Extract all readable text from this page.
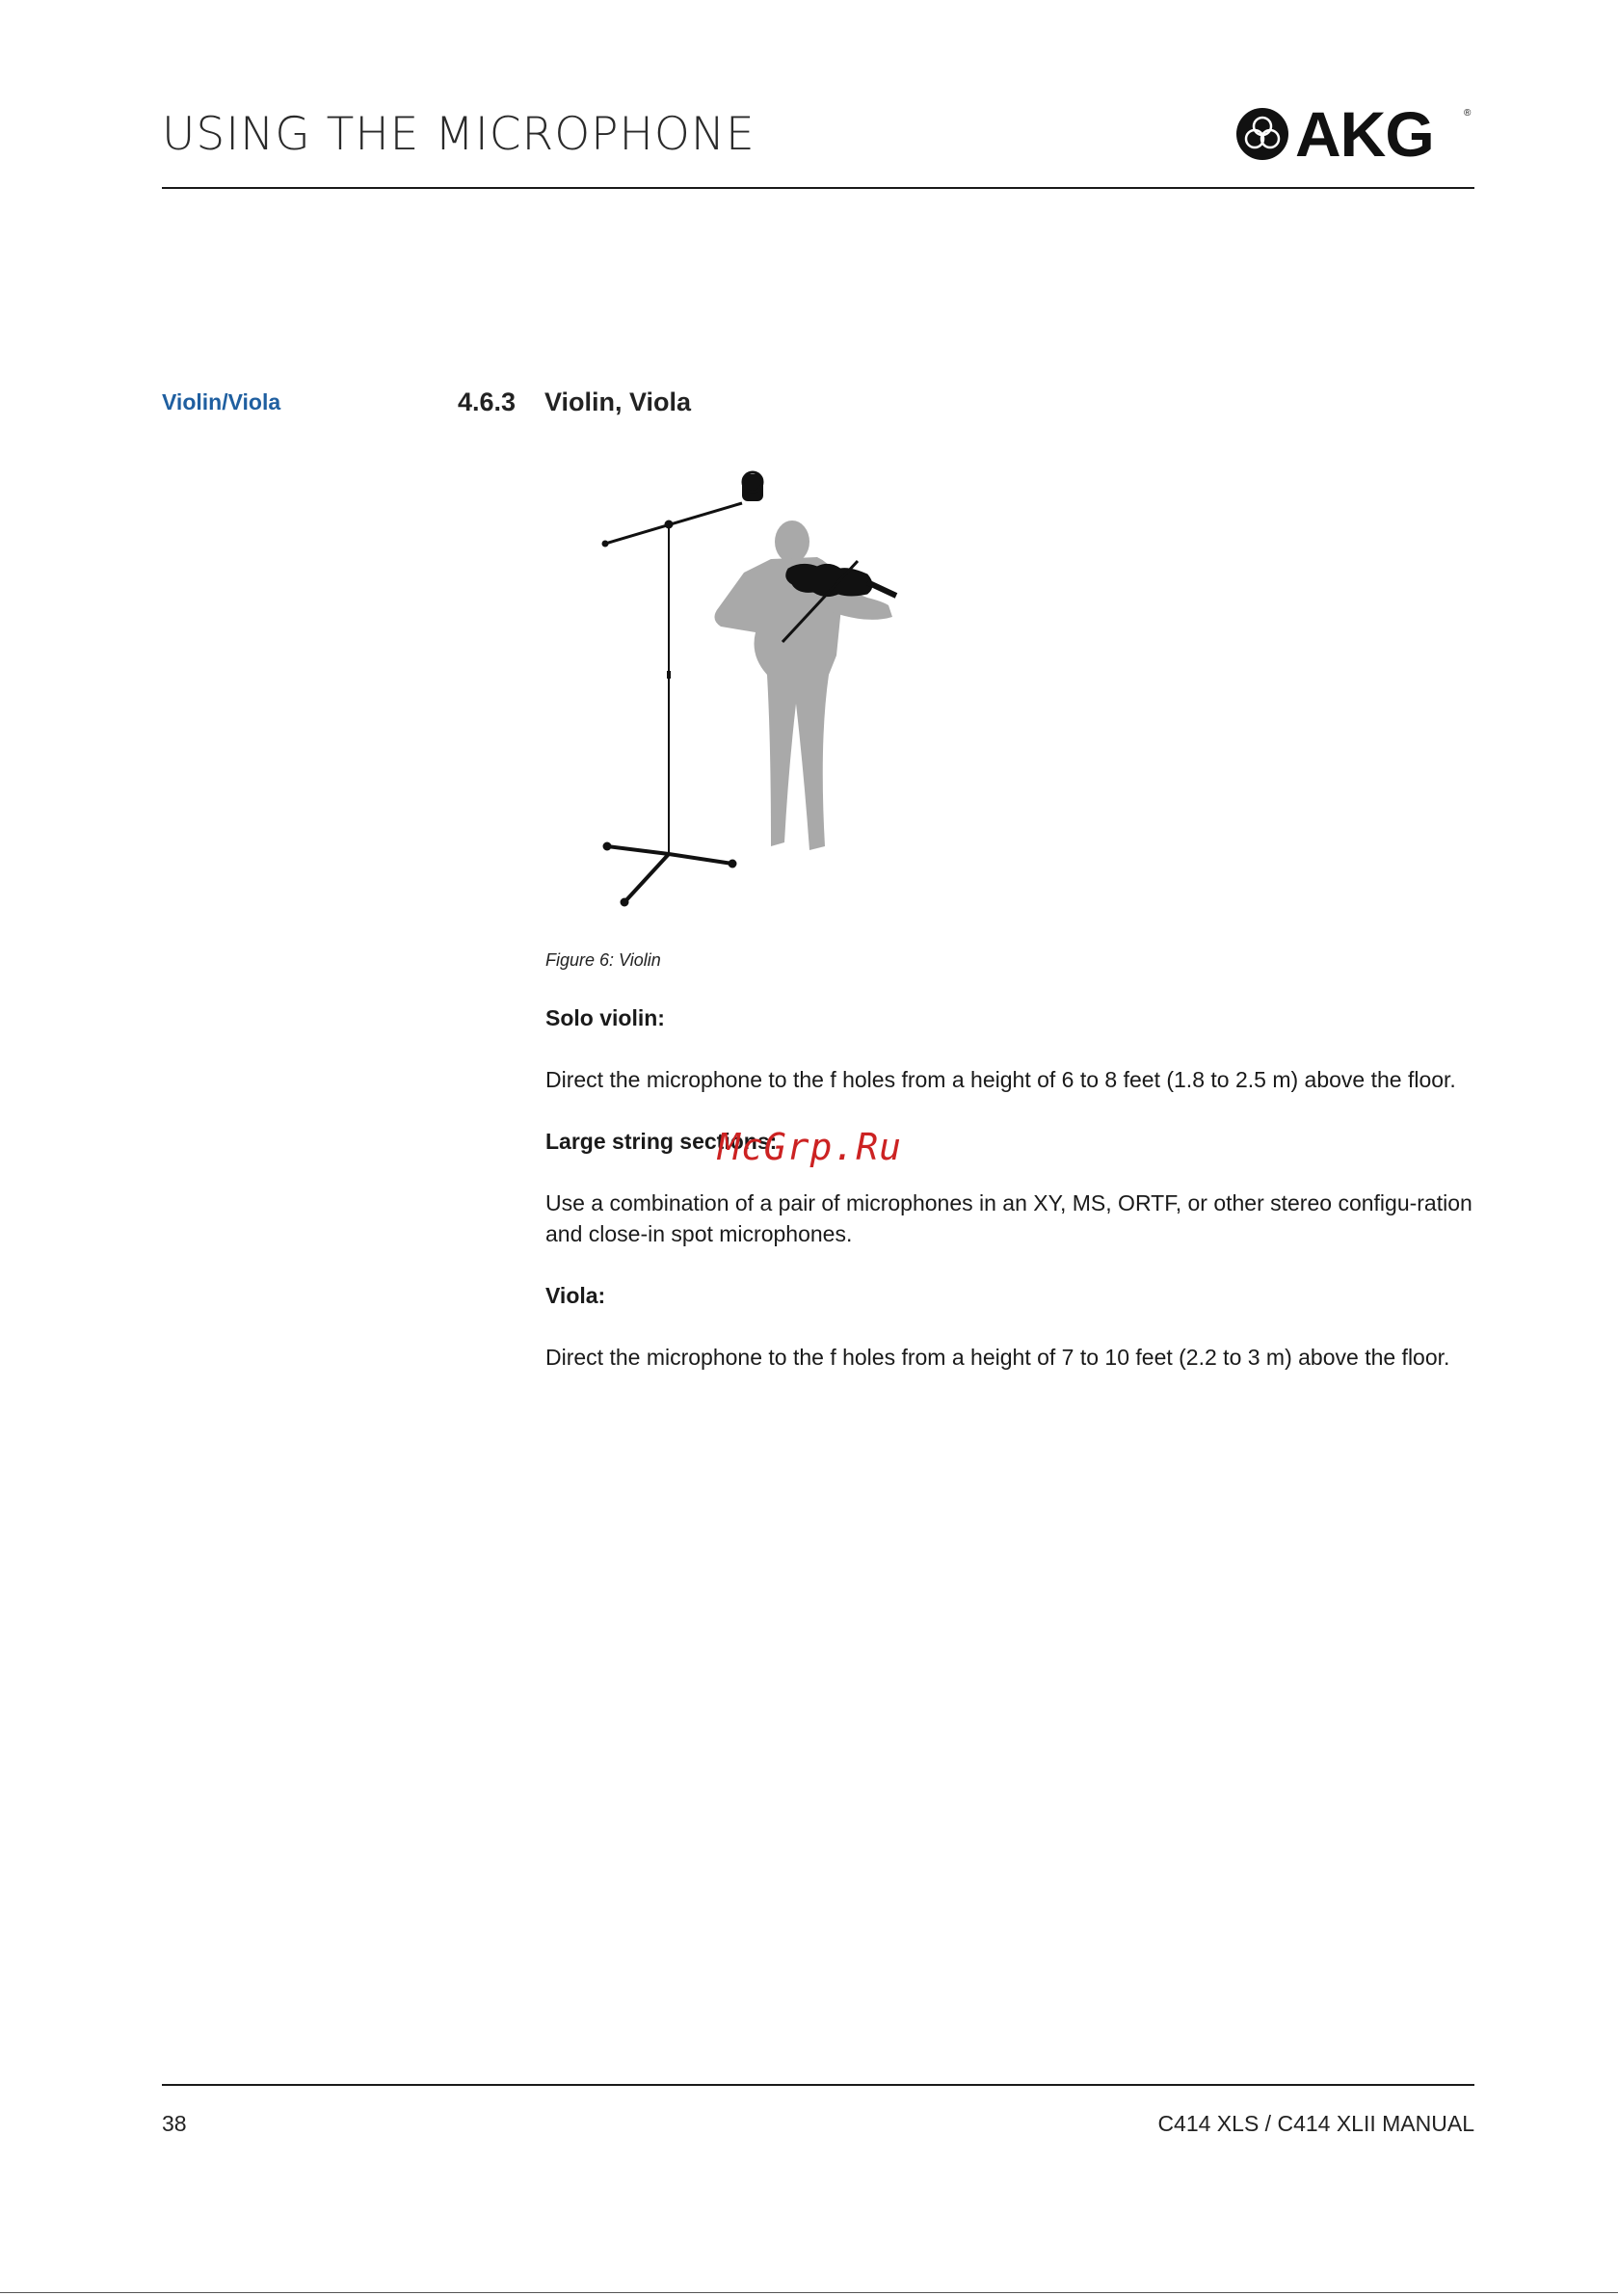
USING THE MICROPHONE	AKG	®
Violin/Viola	4.6.3 Violin, Viola
Figure 6: Violin

Solo violin:

Direct the microphone to the f holes from a height of 6 to 8 feet (1.8 to 2.5 m) above the floor.

Large string sections:

Use a combination of a pair of microphones in an XY, MS, ORTF, or other stereo configu-ration and close-in spot microphones.

Viola:

Direct the microphone to the f holes from a height of 7 to 10 feet (2.2 to 3 m) above the floor.

McGrp.Ru
38	C414 XLS / C414 XLII MANUAL
